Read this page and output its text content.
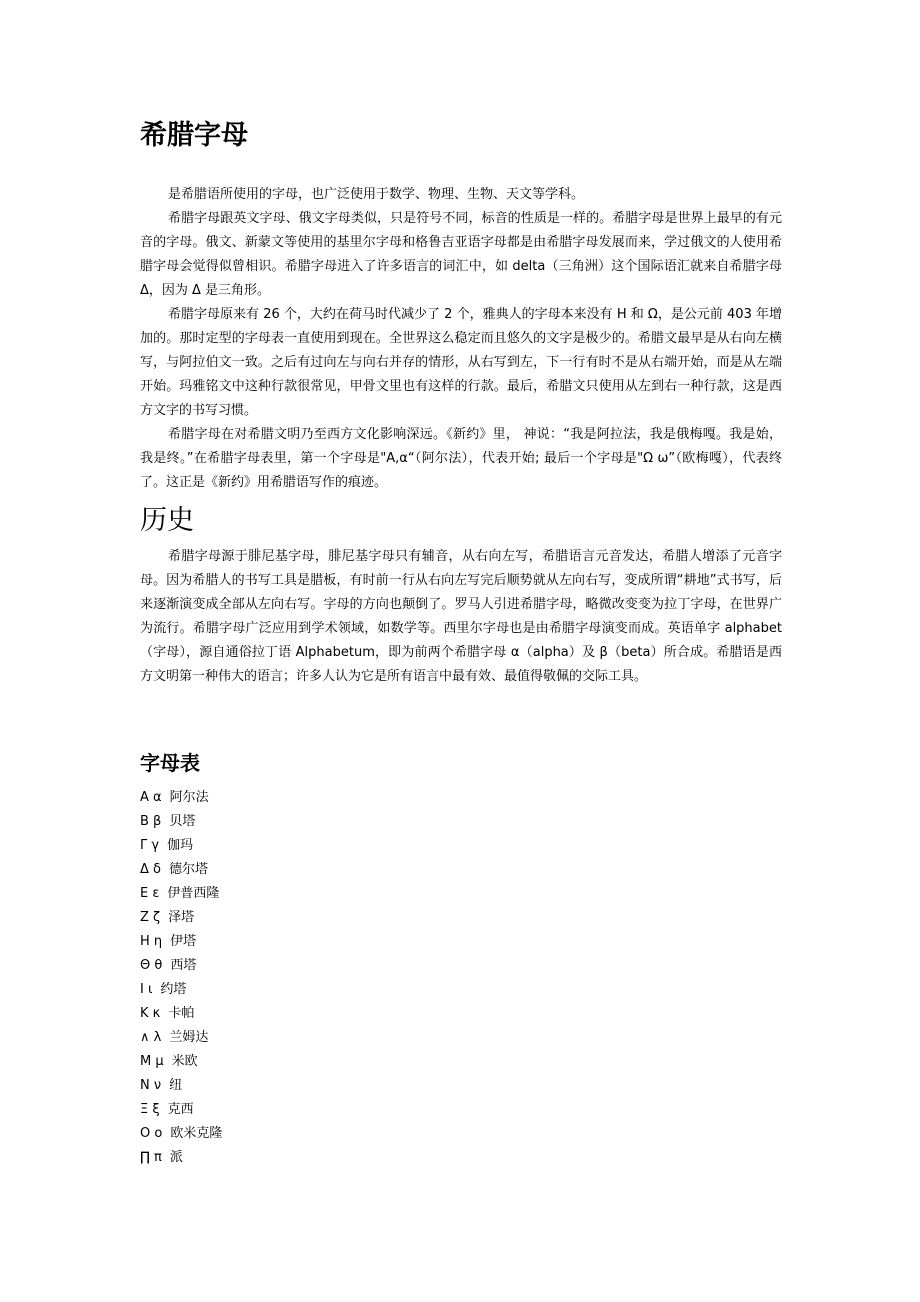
希腊字母

是希腊语所使用的字母，也广泛使用于数学、物理、生物、天文等学科。

希腊字母跟英文字母、俄文字母类似，只是符号不同，标音的性质是一样的。希腊字母是世界上最早的有元音的字母。俄文、新蒙文等使用的基里尔字母和格鲁吉亚语字母都是由希腊字母发展而来，学过俄文的人使用希腊字母会觉得似曾相识。希腊字母进入了许多语言的词汇中，如 delta（三角洲）这个国际语汇就来自希腊字母 Δ，因为 Δ 是三角形。

希腊字母原来有 26 个，大约在荷马时代减少了 2 个，雅典人的字母本来没有 H 和 Ω，是公元前 403 年增加的。那时定型的字母表一直使用到现在。全世界这么稳定而且悠久的文字是极少的。希腊文最早是从右向左横写，与阿拉伯文一致。之后有过向左与向右并存的情形，从右写到左，下一行有时不是从右端开始，而是从左端开始。玛雅铭文中这种行款很常见，甲骨文里也有这样的行款。最后，希腊文只使用从左到右一种行款，这是西方文字的书写习惯。

希腊字母在对希腊文明乃至西方文化影响深远。《新约》里， 神说：“我是阿拉法，我是俄梅嘎。我是始，我是终。”在希腊字母表里，第一个字母是"Α,α“（阿尔法），代表开始; 最后一个字母是"Ω ω”（欧梅嘎），代表终了。这正是《新约》用希腊语写作的痕迹。

历史

希腊字母源于腓尼基字母，腓尼基字母只有辅音，从右向左写，希腊语言元音发达，希腊人增添了元音字母。因为希腊人的书写工具是腊板，有时前一行从右向左写完后顺势就从左向右写，变成所谓“耕地”式书写，后来逐渐演变成全部从左向右写。字母的方向也颠倒了。罗马人引进希腊字母，略微改变变为拉丁字母，在世界广为流行。希腊字母广泛应用到学术领域，如数学等。西里尔字母也是由希腊字母演变而成。英语单字 alphabet（字母），源自通俗拉丁语 Alphabetum，即为前两个希腊字母 α（alpha）及 β（beta）所合成。希腊语是西方文明第一种伟大的语言；许多人认为它是所有语言中最有效、最值得敬佩的交际工具。

字母表
Α α 阿尔法
Β β 贝塔
Γ γ 伽玛
Δ δ 德尔塔
Ε ε 伊普西隆
Ζ ζ 泽塔
Η η 伊塔
Θ θ 西塔
Ι ι 约塔
Κ κ 卡帕
∧ λ 兰姆达
Μ μ 米欧
Ν ν 纽
Ξ ξ 克西
Ο ο 欧米克隆
∏ π 派
